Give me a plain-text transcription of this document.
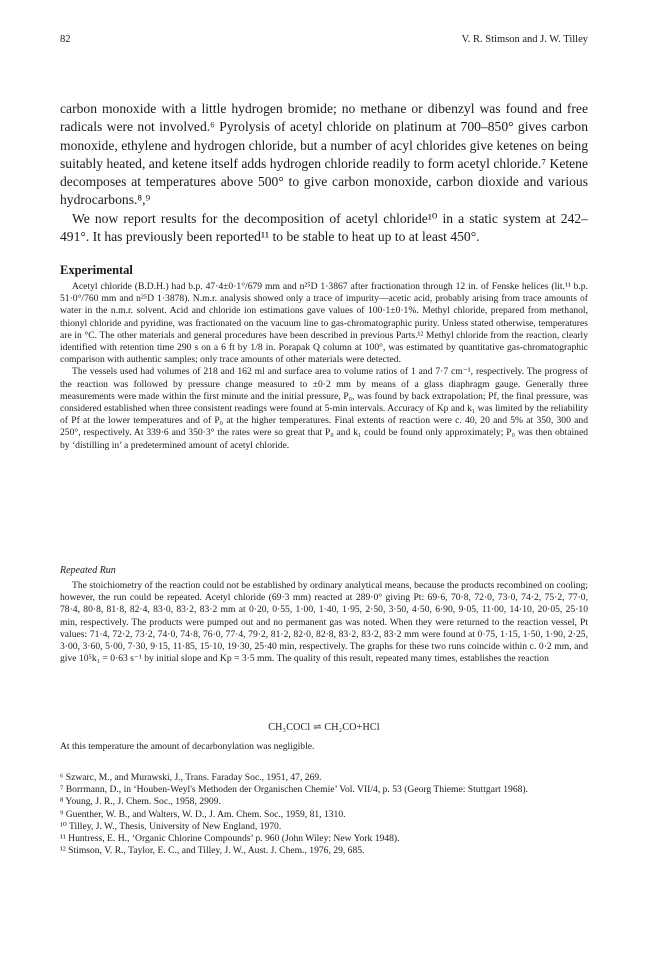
82	V. R. Stimson and J. W. Tilley

carbon monoxide with a little hydrogen bromide; no methane or dibenzyl was found and free radicals were not involved.⁶ Pyrolysis of acetyl chloride on platinum at 700–850° gives carbon monoxide, ethylene and hydrogen chloride, but a number of acyl chlorides give ketenes on being suitably heated, and ketene itself adds hydrogen chloride readily to form acetyl chloride.⁷ Ketene decomposes at temperatures above 500° to give carbon monoxide, carbon dioxide and various hydrocarbons.⁸,⁹

We now report results for the decomposition of acetyl chloride¹⁰ in a static system at 242–491°. It has previously been reported¹¹ to be stable to heat up to at least 450°.

Experimental

Acetyl chloride (B.D.H.) had b.p. 47·4±0·1°/679 mm and n²⁵D 1·3867 after fractionation through 12 in. of Fenske helices (lit.¹¹ b.p. 51·0°/760 mm and n²⁵D 1·3878). N.m.r. analysis showed only a trace of impurity—acetic acid, probably arising from trace amounts of water in the n.m.r. solvent. Acid and chloride ion estimations gave values of 100·1±0·1%. Methyl chloride, prepared from methanol, thionyl chloride and pyridine, was fractionated on the vacuum line to gas-chromatographic purity. Unless stated otherwise, temperatures are in °C. The other materials and general procedures have been described in previous Parts.¹² Methyl chloride from the reaction, clearly identified with retention time 290 s on a 6 ft by 1/8 in. Porapak Q column at 100°, was estimated by quantitative gas-chromatographic comparison with authentic samples; only trace amounts of other materials were detected.

The vessels used had volumes of 218 and 162 ml and surface area to volume ratios of 1 and 7·7 cm⁻¹, respectively. The progress of the reaction was followed by pressure change measured to ±0·2 mm by means of a glass diaphragm gauge. Generally three measurements were made within the first minute and the initial pressure, P₀, was found by back extrapolation; Pf, the final pressure, was considered established when three consistent readings were found at 5-min intervals. Accuracy of Kp and k₁ was limited by the reliability of Pf at the lower temperatures and of P₀ at the higher temperatures. Final extents of reaction were c. 40, 20 and 5% at 350, 300 and 250°, respectively. At 339·6 and 350·3° the rates were so great that P₀ and k₁ could be found only approximately; P₀ was then obtained by ‘distilling in’ a predetermined amount of acetyl chloride.

Repeated Run

The stoichiometry of the reaction could not be established by ordinary analytical means, because the products recombined on cooling; however, the run could be repeated. Acetyl chloride (69·3 mm) reacted at 289·0° giving Pt: 69·6, 70·8, 72·0, 73·0, 74·2, 75·2, 77·0, 78·4, 80·8, 81·8, 82·4, 83·0, 83·2, 83·2 mm at 0·20, 0·55, 1·00, 1·40, 1·95, 2·50, 3·50, 4·50, 6·90, 9·05, 11·00, 14·10, 20·05, 25·10 min, respectively. The products were pumped out and no permanent gas was noted. When they were returned to the reaction vessel, Pt values: 71·4, 72·2, 73·2, 74·0, 74·8, 76·0, 77·4, 79·2, 81·2, 82·0, 82·8, 83·2, 83·2, 83·2 mm were found at 0·75, 1·15, 1·50, 1·90, 2·25, 3·00, 3·60, 5·00, 7·30, 9·15, 11·85, 15·10, 19·30, 25·40 min, respectively. The graphs for these two runs coincide within c. 0·2 mm, and give 10⁵k₁ = 0·63 s⁻¹ by initial slope and Kp = 3·5 mm. The quality of this result, repeated many times, establishes the reaction

CH₃COCl ⇌ CH₂CO+HCl
At this temperature the amount of decarbonylation was negligible.

⁶ Szwarc, M., and Murawski, J., Trans. Faraday Soc., 1951, 47, 269.

⁷ Borrmann, D., in ‘Houben-Weyl's Methoden der Organischen Chemie’ Vol. VII/4, p. 53 (Georg Thieme: Stuttgart 1968).

⁸ Young, J. R., J. Chem. Soc., 1958, 2909.

⁹ Guenther, W. B., and Walters, W. D., J. Am. Chem. Soc., 1959, 81, 1310.

¹⁰ Tilley, J. W., Thesis, University of New England, 1970.

¹¹ Huntress, E. H., ‘Organic Chlorine Compounds’ p. 960 (John Wiley: New York 1948).

¹² Stimson, V. R., Taylor, E. C., and Tilley, J. W., Aust. J. Chem., 1976, 29, 685.
